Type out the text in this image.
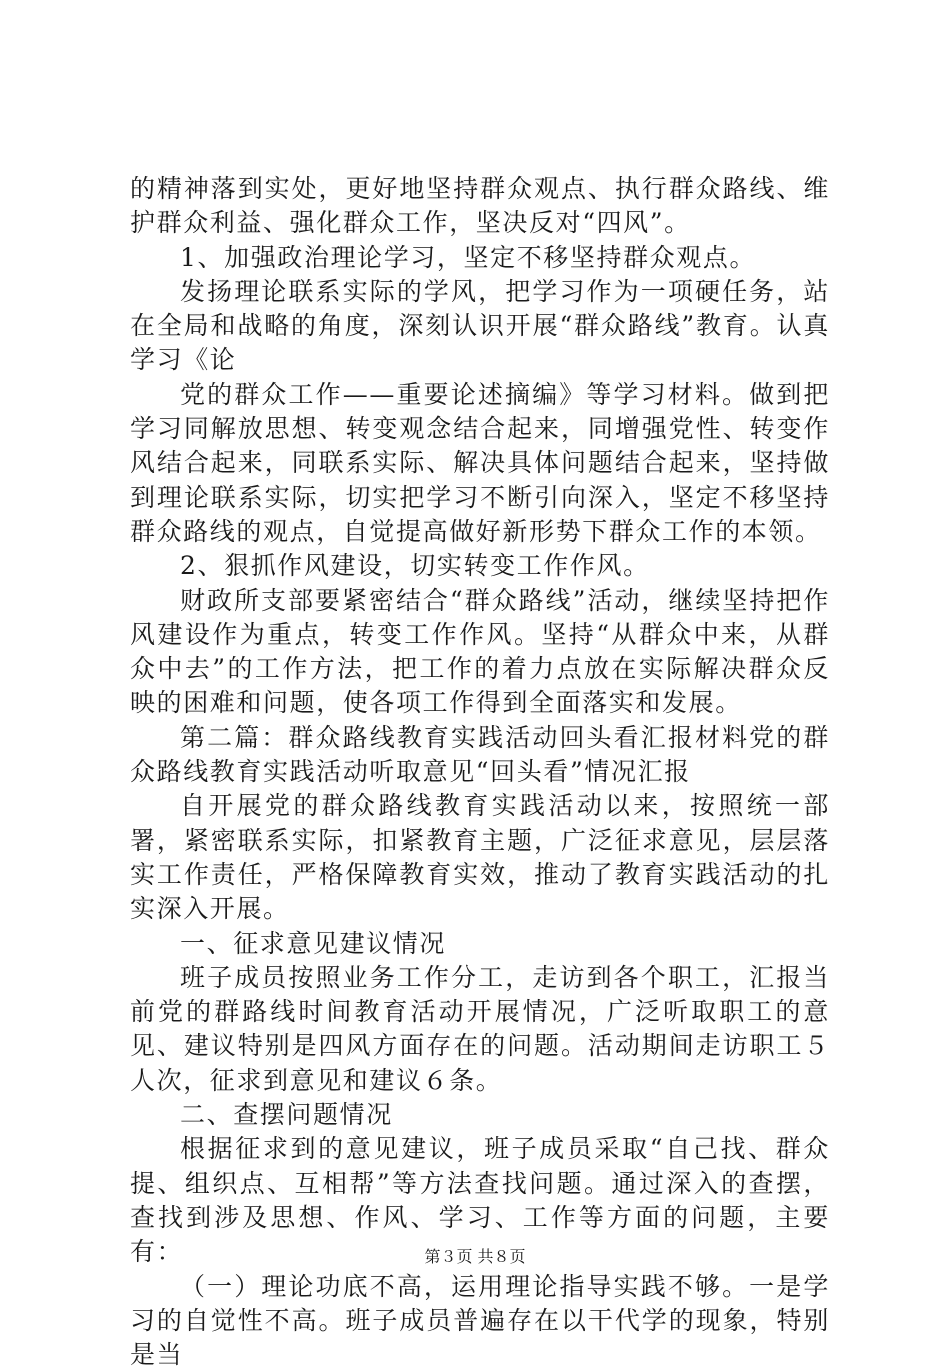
的精神落到实处，更好地坚持群众观点、执行群众路线、维护群众利益、强化群众工作，坚决反对“四风”。

1、加强政治理论学习，坚定不移坚持群众观点。

发扬理论联系实际的学风，把学习作为一项硬任务，站在全局和战略的角度，深刻认识开展“群众路线”教育。认真学习《论

党的群众工作——重要论述摘编》等学习材料。做到把学习同解放思想、转变观念结合起来，同增强党性、转变作风结合起来，同联系实际、解决具体问题结合起来，坚持做到理论联系实际，切实把学习不断引向深入，坚定不移坚持群众路线的观点，自觉提高做好新形势下群众工作的本领。

2、狠抓作风建设，切实转变工作作风。

财政所支部要紧密结合“群众路线”活动，继续坚持把作风建设作为重点，转变工作作风。坚持“从群众中来，从群众中去”的工作方法，把工作的着力点放在实际解决群众反映的困难和问题，使各项工作得到全面落实和发展。

第二篇：群众路线教育实践活动回头看汇报材料党的群众路线教育实践活动听取意见“回头看”情况汇报

自开展党的群众路线教育实践活动以来，按照统一部署，紧密联系实际，扣紧教育主题，广泛征求意见，层层落实工作责任，严格保障教育实效，推动了教育实践活动的扎实深入开展。

一、征求意见建议情况

班子成员按照业务工作分工，走访到各个职工，汇报当前党的群路线时间教育活动开展情况，广泛听取职工的意见、建议特别是四风方面存在的问题。活动期间走访职工５人次，征求到意见和建议６条。

二、查摆问题情况

根据征求到的意见建议，班子成员采取“自己找、群众提、组织点、互相帮”等方法查找问题。通过深入的查摆，查找到涉及思想、作风、学习、工作等方面的问题，主要有：

（一）理论功底不高，运用理论指导实践不够。一是学习的自觉性不高。班子成员普遍存在以干代学的现象，特别是当

第３页 共８页
